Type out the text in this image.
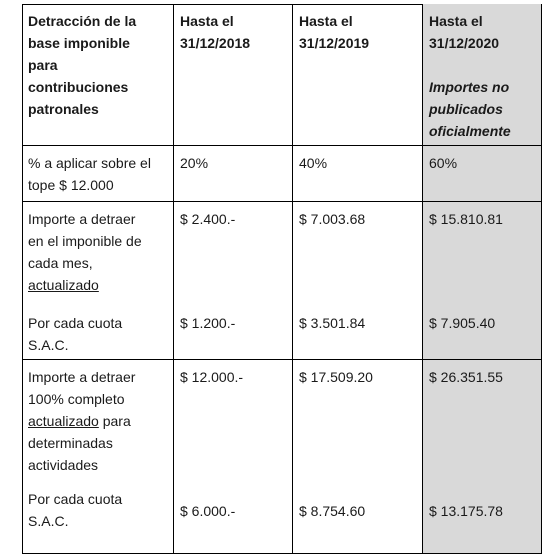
Detracción de la
base imponible
para
contribuciones
patronales
Hasta el
31/12/2018
Hasta el
31/12/2019
Hasta el
31/12/2020
Importes no
publicados
oficialmente
% a aplicar sobre el
tope $ 12.000
20%	40%	60%
Importe a detraer
en el imponible de
cada mes,
actualizado
Por cada cuota
S.A.C.
$ 2.400.-
$ 1.200.-
$ 7.003.68
$ 3.501.84
$ 15.810.81
$ 7.905.40
Importe a detraer
100% completo
actualizado para
determinadas
actividades
Por cada cuota
S.A.C.
$ 12.000.-
$ 6.000.-
$ 17.509.20
$ 8.754.60
$ 26.351.55
$ 13.175.78
